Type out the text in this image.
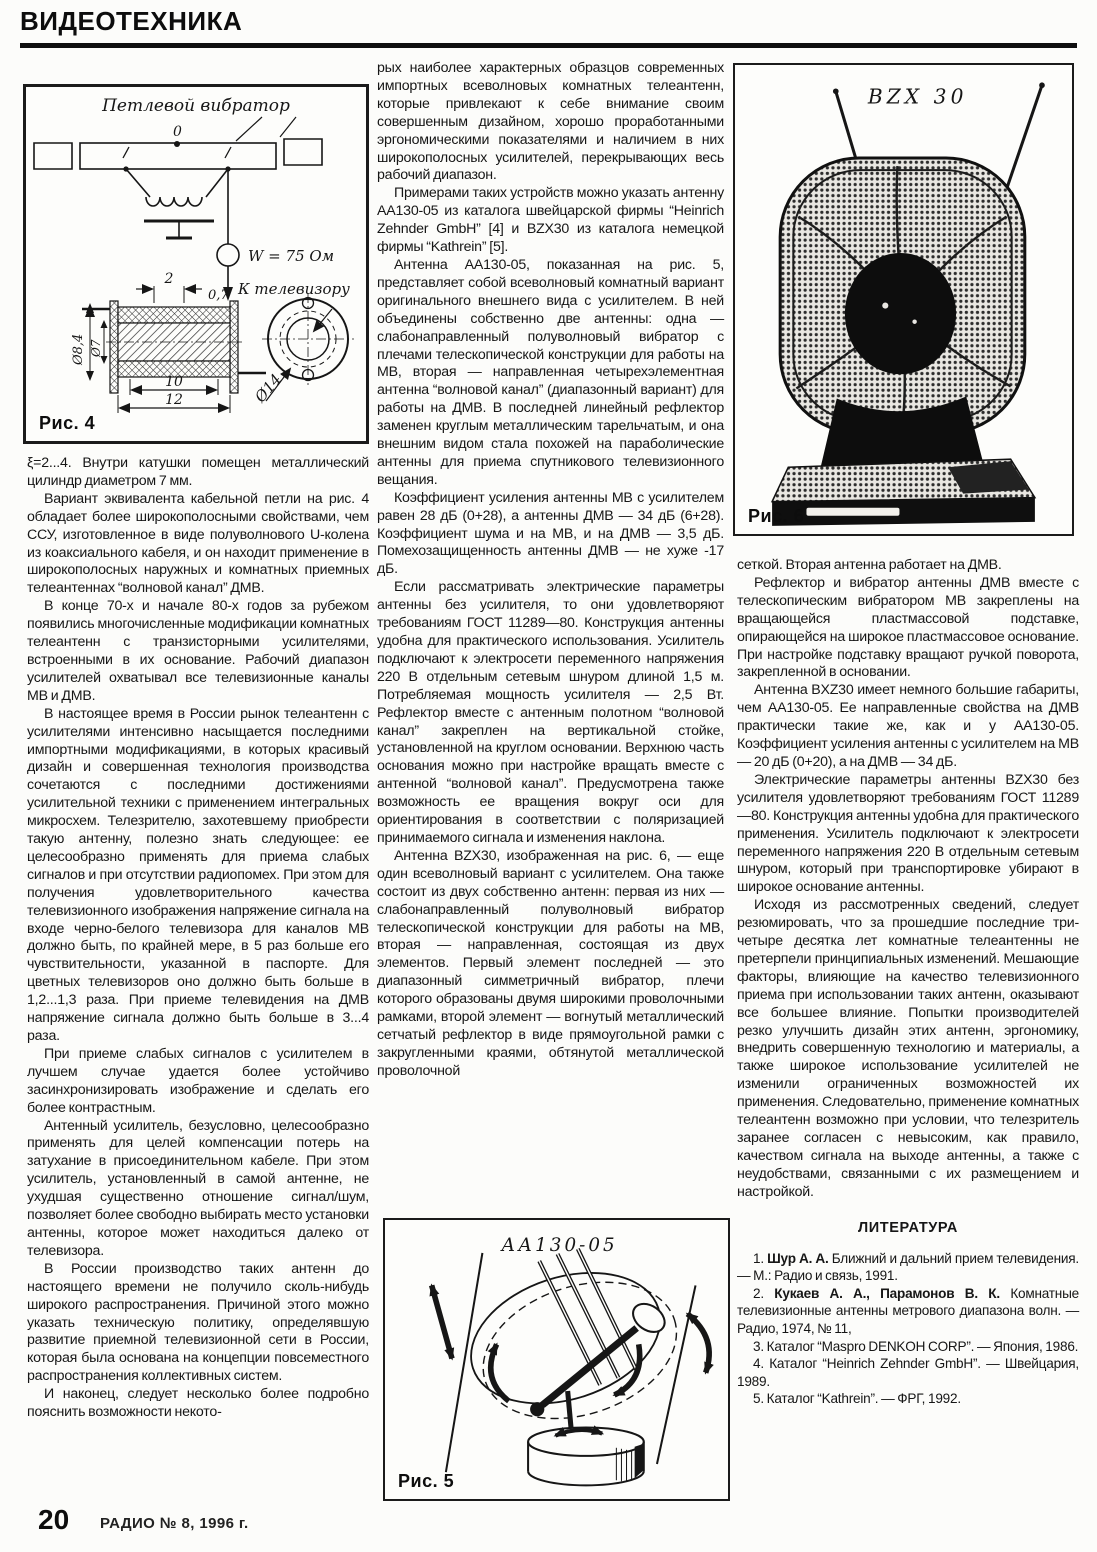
ВИДЕОТЕХНИКА
Петлевой вибратор
0
W = 75 Ом
К телевизору
2
0,7
Ø8,4 Ø7
10
12	Ø14
Рис. 4

ξ=2...4. Внутри катушки помещен металлический цилиндр диаметром 7 мм.

Вариант эквивалента кабельной петли на рис. 4 обладает более широкополосными свойствами, чем ССУ, изготовленное в виде полуволнового U-колена из коаксиального кабеля, и он находит применение в широкополосных наружных и комнатных приемных телеантеннах “волновой канал” ДМВ.

В конце 70-х и начале 80-х годов за рубежом появились многочисленные модификации комнатных телеантенн с транзисторными усилителями, встроенными в их основание. Рабочий диапазон усилителей охватывал все телевизионные каналы МВ и ДМВ.

В настоящее время в России рынок телеантенн с усилителями интенсивно насыщается последними импортными модификациями, в которых красивый дизайн и совершенная технология производства сочетаются с последними достижениями усилительной техники с применением интегральных микросхем. Телезрителю, захотевшему приобрести такую антенну, полезно знать следующее: ее целесообразно применять для приема слабых сигналов и при отсутствии радиопомех. При этом для получения удовлетворительного качества телевизионного изображения напряжение сигнала на входе черно-белого телевизора для каналов МВ должно быть, по крайней мере, в 5 раз больше его чувствительности, указанной в паспорте. Для цветных телевизоров оно должно быть больше в 1,2...1,3 раза. При приеме телевидения на ДМВ напряжение сигнала должно быть больше в 3...4 раза.

При приеме слабых сигналов с усилителем в лучшем случае удается более устойчиво засинхронизировать изображение и сделать его более контрастным.

Антенный усилитель, безусловно, целесообразно применять для целей компенсации потерь на затухание в присоединительном кабеле. При этом усилитель, установленный в самой антенне, не ухудшая существенно отношение сигнал/шум, позволяет более свободно выбирать место установки антенны, которое может находиться далеко от телевизора.

В России производство таких антенн до настоящего времени не получило сколь-нибудь широкого распространения. Причиной этого можно указать техническую политику, определявшую развитие приемной телевизионной сети в России, которая была основана на концепции повсеместного распространения коллективных систем.

И наконец, следует несколько более подробно пояснить возможности некото-

рых наиболее характерных образцов современных импортных всеволновых комнатных телеантенн, которые привлекают к себе внимание своим совершенным дизайном, хорошо проработанными эргономическими показателями и наличием в них широкополосных усилителей, перекрывающих весь рабочий диапазон.

Примерами таких устройств можно указать антенну АА130-05 из каталога швейцарской фирмы “Heinrich Zehnder GmbH” [4] и BZX30 из каталога немецкой фирмы “Kathrein” [5].

Антенна АА130-05, показанная на рис. 5, представляет собой всеволновый комнатный вариант оригинального внешнего вида с усилителем. В ней объединены собственно две антенны: одна — слабонаправленный полуволновый вибратор с плечами телескопической конструкции для работы на МВ, вторая — направленная четырехэлементная антенна “волновой канал” (диапазонный вариант) для работы на ДМВ. В последней линейный рефлектор заменен круглым металлическим тарельчатым, и она внешним видом стала похожей на параболические антенны для приема спутникового телевизионного вещания.

Коэффициент усиления антенны МВ с усилителем равен 28 дБ (0+28), а антенны ДМВ — 34 дБ (6+28). Коэффициент шума и на МВ, и на ДМВ — 3,5 дБ. Помехозащищенность антенны ДМВ — не хуже -17 дБ.

Если рассматривать электрические параметры антенны без усилителя, то они удовлетворяют требованиям ГОСТ 11289—80. Конструкция антенны удобна для практического использования. Усилитель подключают к электросети переменного напряжения 220 В отдельным сетевым шнуром длиной 1,5 м. Потребляемая мощность усилителя — 2,5 Вт. Рефлектор вместе с антенным полотном “волновой канал” закреплен на вертикальной стойке, установленной на круглом основании. Верхнюю часть основания можно при настройке вращать вместе с антенной “волновой канал”. Предусмотрена также возможность ее вращения вокруг оси для ориентирования в соответствии с поляризацией принимаемого сигнала и изменения наклона.

Антенна BZX30, изображенная на рис. 6, — еще один всеволновый вариант с усилителем. Она также состоит из двух собственно антенн: первая из них — слабонаправленный полуволновый вибратор телескопической конструкции для работы на МВ, вторая — направленная, состоящая из двух элементов. Первый элемент последней — это диапазонный симметричный вибратор, плечи которого образованы двумя широкими проволочными рамками, второй элемент — вогнутый металлический сетчатый рефлектор в виде прямоугольной рамки с закругленными краями, обтянутой металлической проволочной

АА130-05
Рис. 5
BZX 30
Рис. 6

сеткой. Вторая антенна работает на ДМВ.

Рефлектор и вибратор антенны ДМВ вместе с телескопическим вибратором МВ закреплены на вращающейся пластмассовой подставке, опирающейся на широкое пластмассовое основание. При настройке подставку вращают ручкой поворота, закрепленной в основании.

Антенна BXZ30 имеет немного большие габариты, чем АА130-05. Ее направленные свойства на ДМВ практически такие же, как и у АА130-05. Коэффициент усиления антенны с усилителем на МВ — 20 дБ (0+20), а на ДМВ — 34 дБ.

Электрические параметры антенны BZX30 без усилителя удовлетворяют требованиям ГОСТ 11289—80. Конструкция антенны удобна для практического применения. Усилитель подключают к электросети переменного напряжения 220 В отдельным сетевым шнуром, который при транспортировке убирают в широкое основание антенны.

Исходя из рассмотренных сведений, следует резюмировать, что за прошедшие последние три-четыре десятка лет комнатные телеантенны не претерпели принципиальных изменений. Мешающие факторы, влияющие на качество телевизионного приема при использовании таких антенн, оказывают все большее влияние. Попытки производителей резко улучшить дизайн этих антенн, эргономику, внедрить совершенную технологию и материалы, а также широкое использование усилителей не изменили ограниченных возможностей их применения. Следовательно, применение комнатных телеантенн возможно при условии, что телезритель заранее согласен с невысоким, как правило, качеством сигнала на выходе антенны, а также с неудобствами, связанными с их размещением и настройкой.

ЛИТЕРАТУРА

1. Шур А. А. Ближний и дальний прием телевидения. — М.: Радио и связь, 1991.

2. Кукаев А. А., Парамонов В. К. Комнатные телевизионные антенны метрового диапазона волн. — Радио, 1974, № 11,

3. Каталог “Maspro DENKOH CORP”. — Япония, 1986.

4. Каталог “Heinrich Zehnder GmbH”. — Швейцария, 1989.

5. Каталог “Kathrein”. — ФРГ, 1992.

20 РАДИО № 8, 1996 г.
